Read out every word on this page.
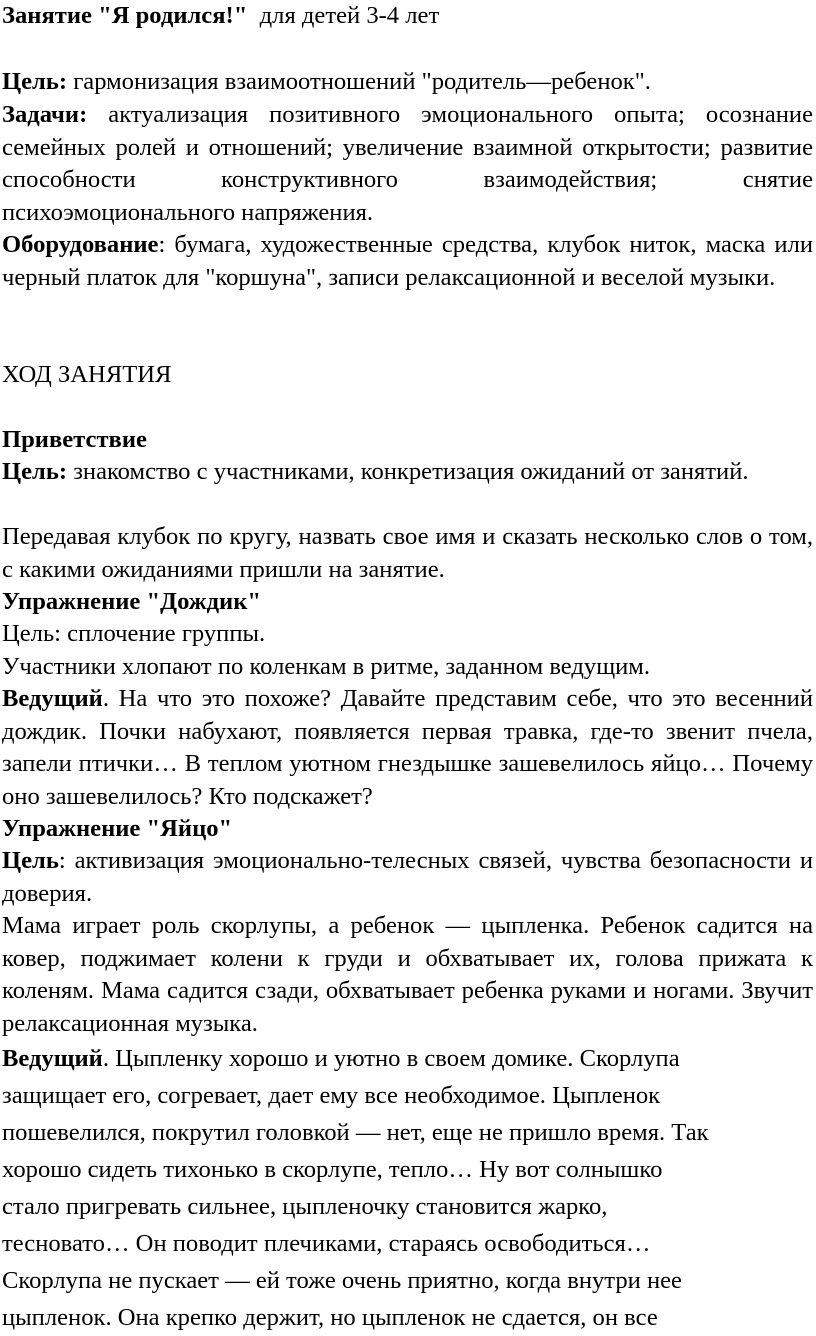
Занятие "Я родился!" для детей 3-4 лет

Цель: гармонизация взаимоотношений "родитель—ребенок".

Задачи: актуализация позитивного эмоционального опыта; осознание семейных ролей и отношений; увеличение взаимной открытости; развитие способности конструктивного взаимодействия; снятие психоэмоционального напряжения.

Оборудование: бумага, художественные средства, клубок ниток, маска или черный платок для "коршуна", записи релаксационной и веселой музыки.

ХОД ЗАНЯТИЯ

Приветствие

Цель: знакомство с участниками, конкретизация ожиданий от занятий.

Передавая клубок по кругу, назвать свое имя и сказать несколько слов о том, с какими ожиданиями пришли на занятие.

Упражнение "Дождик"

Цель: сплочение группы.

Участники хлопают по коленкам в ритме, заданном ведущим.

Ведущий. На что это похоже? Давайте представим себе, что это весенний дождик. Почки набухают, появляется первая травка, где-то звенит пчела, запели птички… В теплом уютном гнездышке зашевелилось яйцо… Почему оно зашевелилось? Кто подскажет?

Упражнение "Яйцо"

Цель: активизация эмоционально-телесных связей, чувства безопасности и доверия.

Мама играет роль скорлупы, а ребенок — цыпленка. Ребенок садится на ковер, поджимает колени к груди и обхватывает их, голова прижата к коленям. Мама садится сзади, обхватывает ребенка руками и ногами. Звучит релаксационная музыка.

Ведущий. Цыпленку хорошо и уютно в своем домике. Скорлупа
защищает его, согревает, дает ему все необходимое. Цыпленок
пошевелился, покрутил головкой — нет, еще не пришло время. Так
хорошо сидеть тихонько в скорлупе, тепло… Ну вот солнышко
стало пригревать сильнее, цыпленочку становится жарко,
тесновато… Он поводит плечиками, стараясь освободиться…
Скорлупа не пускает — ей тоже очень приятно, когда внутри нее
цыпленок. Она крепко держит, но цыпленок не сдается, он все
